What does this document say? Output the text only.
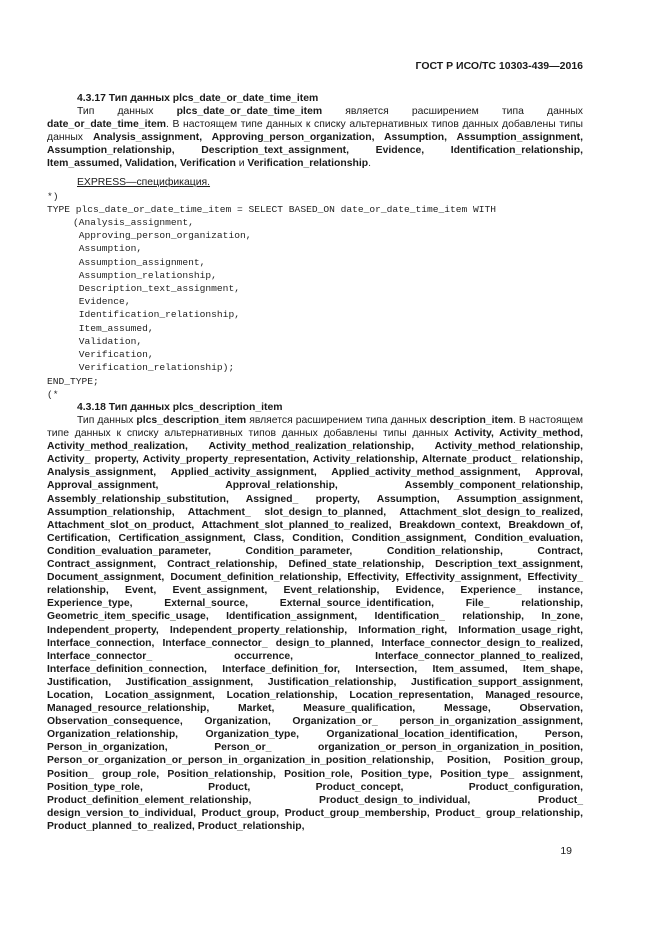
ГОСТ Р ИСО/ТС 10303-439—2016
4.3.17 Тип данных plcs_date_or_date_time_item

Тип данных plcs_date_or_date_time_item является расширением типа данных date_or_date_time_item. В настоящем типе данных к списку альтернативных типов данных добавлены типы данных Analysis_assignment, Approving_person_organization, Assumption, Assumption_assignment, Assumption_relationship, Description_text_assignment, Evidence, Identification_relationship, Item_assumed, Validation, Verification и Verification_relationship.

EXPRESS—спецификация.
*)
TYPE plcs_date_or_date_time_item = SELECT BASED_ON date_or_date_time_item WITH

(Analysis_assignment,
Approving_person_organization,
Assumption,
Assumption_assignment,
Assumption_relationship,
Description_text_assignment,
Evidence,
Identification_relationship,
Item_assumed,
Validation,
Verification,
Verification_relationship);
END_TYPE;
(*
4.3.18 Тип данных plcs_description_item

Тип данных plcs_description_item является расширением типа данных description_item. В настоящем типе данных к списку альтернативных типов данных добавлены типы данных Activity, Activity_method, Activity_method_realization, Activity_method_realization_relationship, Activity_method_relationship, Activity_ property, Activity_property_representation, Activity_relationship, Alternate_product_ relationship, Analysis_assignment, Applied_activity_assignment, Applied_activity_method_assignment, Approval, Approval_assignment, Approval_relationship, Assembly_component_relationship, Assembly_relationship_substitution, Assigned_ property, Assumption, Assumption_assignment, Assumption_relationship, Attachment_ slot_design_to_planned, Attachment_slot_design_to_realized, Attachment_slot_on_product, Attachment_slot_planned_to_realized, Breakdown_context, Breakdown_of, Certification, Certification_assignment, Class, Condition, Condition_assignment, Condition_evaluation, Condition_evaluation_parameter, Condition_parameter, Condition_relationship, Contract, Contract_assignment, Contract_relationship, Defined_state_relationship, Description_text_assignment, Document_assignment, Document_definition_relationship, Effectivity, Effectivity_assignment, Effectivity_ relationship, Event, Event_assignment, Event_relationship, Evidence, Experience_ instance, Experience_type, External_source, External_source_identification, File_ relationship, Geometric_item_specific_usage, Identification_assignment, Identification_ relationship, In_zone, Independent_property, Independent_property_relationship, Information_right, Information_usage_right, Interface_connection, Interface_connector_ design_to_planned, Interface_connector_design_to_realized, Interface_connector_ occurrence, Interface_connector_planned_to_realized, Interface_definition_connection, Interface_definition_for, Intersection, Item_assumed, Item_shape, Justification, Justification_assignment, Justification_relationship, Justification_support_assignment, Location, Location_assignment, Location_relationship, Location_representation, Managed_resource, Managed_resource_relationship, Market, Measure_qualification, Message, Observation, Observation_consequence, Organization, Organization_or_ person_in_organization_assignment, Organization_relationship, Organization_type, Organizational_location_identification, Person, Person_in_organization, Person_or_ organization_or_person_in_organization_in_position, Person_or_organization_or_person_in_organization_in_position_relationship, Position, Position_group, Position_ group_role, Position_relationship, Position_role, Position_type, Position_type_ assignment, Position_type_role, Product, Product_concept, Product_configuration, Product_definition_element_relationship, Product_design_to_individual, Product_ design_version_to_individual, Product_group, Product_group_membership, Product_ group_relationship, Product_planned_to_realized, Product_relationship,

19
